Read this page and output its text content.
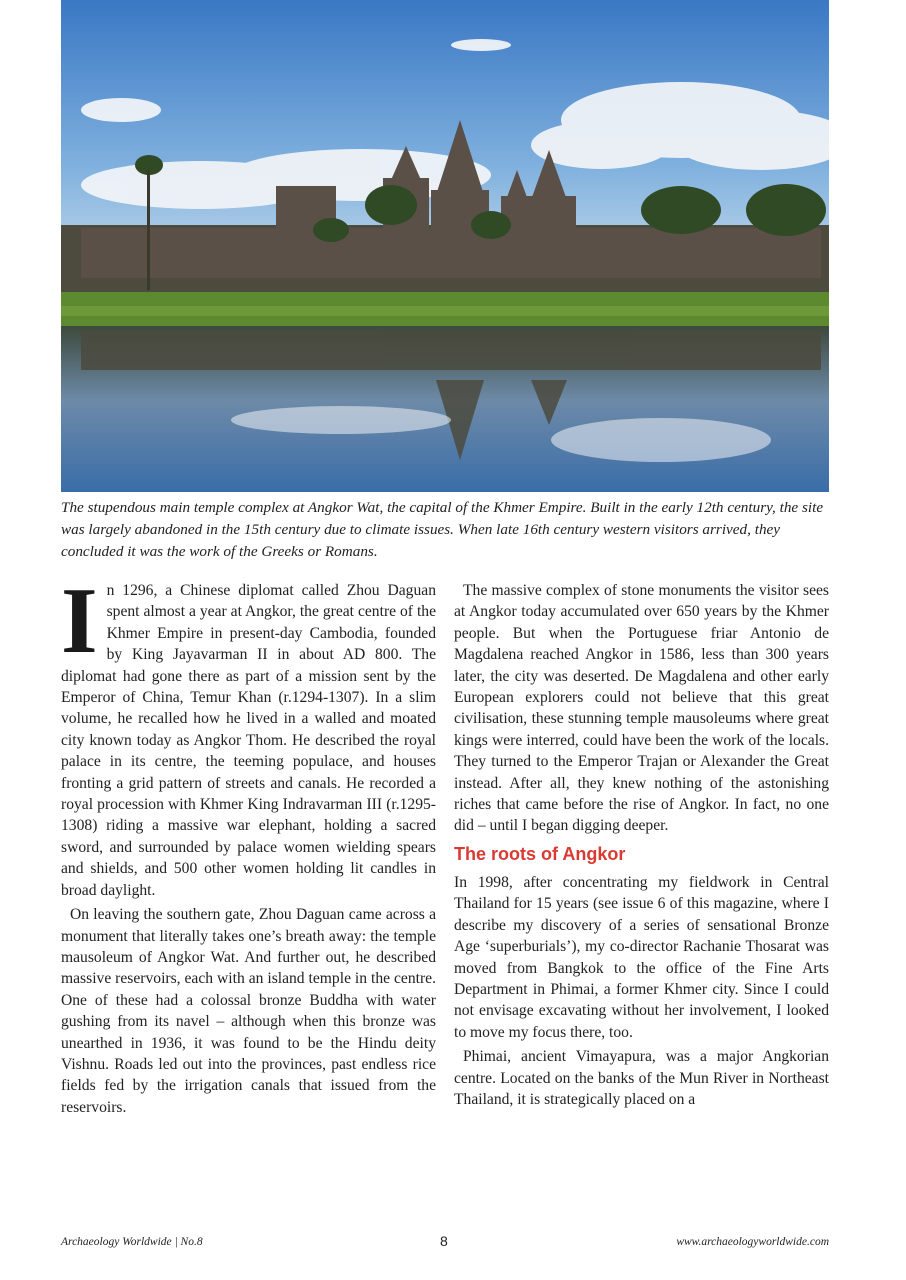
The stupendous main temple complex at Angkor Wat, the capital of the Khmer Empire. Built in the early 12th century, the site was largely abandoned in the 15th century due to climate issues. When late 16th century western visitors arrived, they concluded it was the work of the Greeks or Romans.

In 1296, a Chinese diplomat called Zhou Daguan spent almost a year at Angkor, the great centre of the Khmer Empire in present-day Cambodia, founded by King Jayavarman II in about AD 800. The diplomat had gone there as part of a mission sent by the Emperor of China, Temur Khan (r.1294-1307). In a slim volume, he recalled how he lived in a walled and moated city known today as Angkor Thom. He described the royal palace in its centre, the teeming populace, and houses fronting a grid pattern of streets and canals. He recorded a royal procession with Khmer King Indravarman III (r.1295-1308) riding a massive war elephant, holding a sacred sword, and surrounded by palace women wielding spears and shields, and 500 other women holding lit candles in broad daylight.

On leaving the southern gate, Zhou Daguan came across a monument that literally takes one’s breath away: the temple mausoleum of Angkor Wat. And further out, he described massive reservoirs, each with an island temple in the centre. One of these had a colossal bronze Buddha with water gushing from its navel – although when this bronze was unearthed in 1936, it was found to be the Hindu deity Vishnu. Roads led out into the provinces, past endless rice fields fed by the irrigation canals that issued from the reservoirs.

The massive complex of stone monuments the visitor sees at Angkor today accumulated over 650 years by the Khmer people. But when the Portuguese friar Antonio de Magdalena reached Angkor in 1586, less than 300 years later, the city was deserted. De Magdalena and other early European explorers could not believe that this great civilisation, these stunning temple mausoleums where great kings were interred, could have been the work of the locals. They turned to the Emperor Trajan or Alexander the Great instead. After all, they knew nothing of the astonishing riches that came before the rise of Angkor. In fact, no one did – until I began digging deeper.

The roots of Angkor

In 1998, after concentrating my fieldwork in Central Thailand for 15 years (see issue 6 of this magazine, where I describe my discovery of a series of sensational Bronze Age ‘superburials’), my co-director Rachanie Thosarat was moved from Bangkok to the office of the Fine Arts Department in Phimai, a former Khmer city. Since I could not envisage excavating without her involvement, I looked to move my focus there, too.

Phimai, ancient Vimayapura, was a major Angkorian centre. Located on the banks of the Mun River in Northeast Thailand, it is strategically placed on a

Archaeology Worldwide | No.8	8	www.archaeologyworldwide.com
